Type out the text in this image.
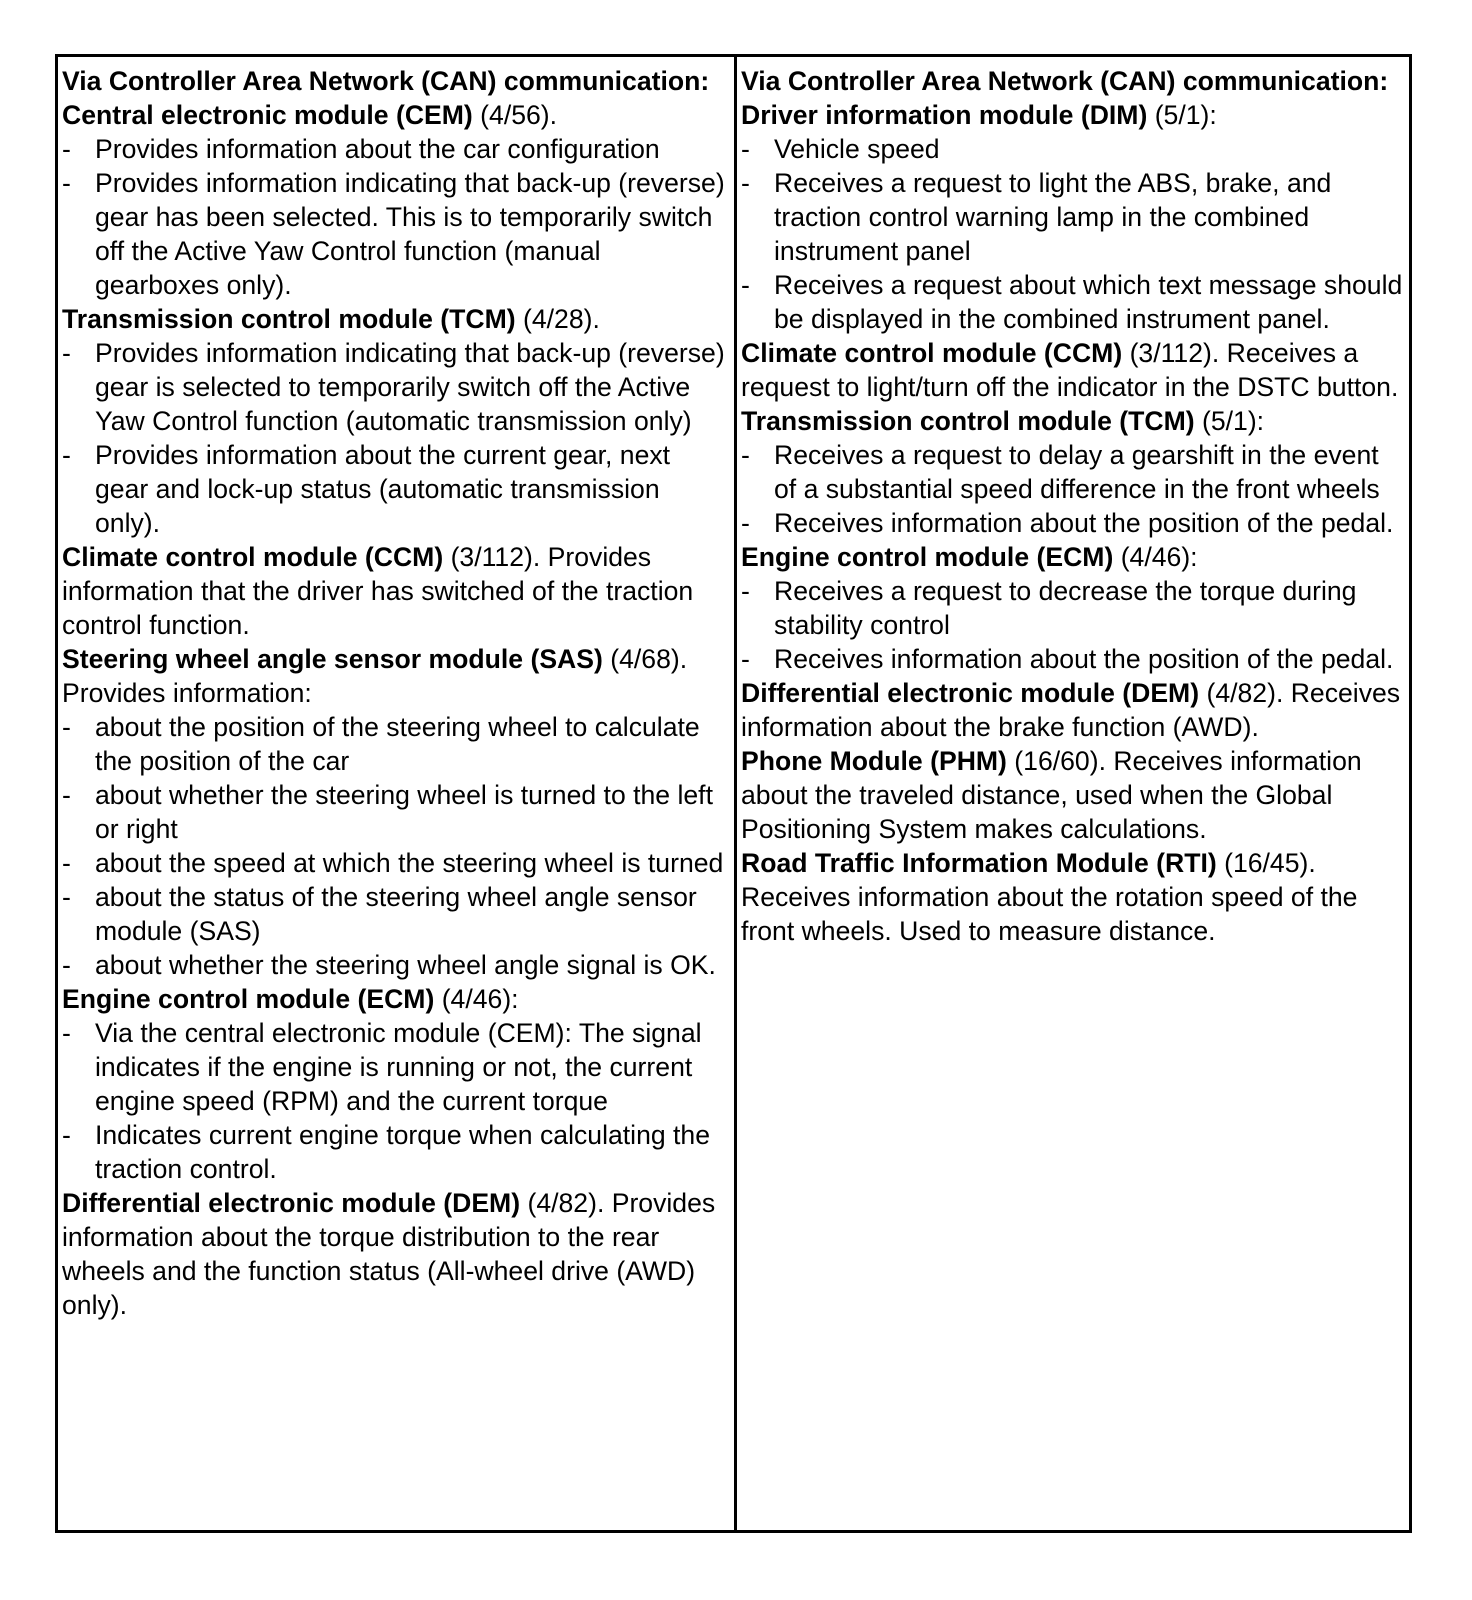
Via Controller Area Network (CAN) communication:
Central electronic module (CEM) (4/56).
- Provides information about the car configuration
- Provides information indicating that back-up (reverse) gear has been selected. This is to temporarily switch off the Active Yaw Control function (manual gearboxes only).
Transmission control module (TCM) (4/28).
- Provides information indicating that back-up (reverse) gear is selected to temporarily switch off the Active Yaw Control function (automatic transmission only)
- Provides information about the current gear, next gear and lock-up status (automatic transmission only).
Climate control module (CCM) (3/112). Provides information that the driver has switched of the traction control function.
Steering wheel angle sensor module (SAS) (4/68). Provides information:
- about the position of the steering wheel to calculate the position of the car
- about whether the steering wheel is turned to the left or right
- about the speed at which the steering wheel is turned
- about the status of the steering wheel angle sensor module (SAS)
- about whether the steering wheel angle signal is OK.
Engine control module (ECM) (4/46):
- Via the central electronic module (CEM): The signal indicates if the engine is running or not, the current engine speed (RPM) and the current torque
- Indicates current engine torque when calculating the traction control.
Differential electronic module (DEM) (4/82). Provides information about the torque distribution to the rear wheels and the function status (All-wheel drive (AWD) only).
Via Controller Area Network (CAN) communication:
Driver information module (DIM) (5/1):
- Vehicle speed
- Receives a request to light the ABS, brake, and traction control warning lamp in the combined instrument panel
- Receives a request about which text message should be displayed in the combined instrument panel.
Climate control module (CCM) (3/112). Receives a request to light/turn off the indicator in the DSTC button.
Transmission control module (TCM) (5/1):
- Receives a request to delay a gearshift in the event of a substantial speed difference in the front wheels
- Receives information about the position of the pedal.
Engine control module (ECM) (4/46):
- Receives a request to decrease the torque during stability control
- Receives information about the position of the pedal.
Differential electronic module (DEM) (4/82). Receives information about the brake function (AWD).
Phone Module (PHM) (16/60). Receives information about the traveled distance, used when the Global Positioning System makes calculations.
Road Traffic Information Module (RTI) (16/45). Receives information about the rotation speed of the front wheels. Used to measure distance.
